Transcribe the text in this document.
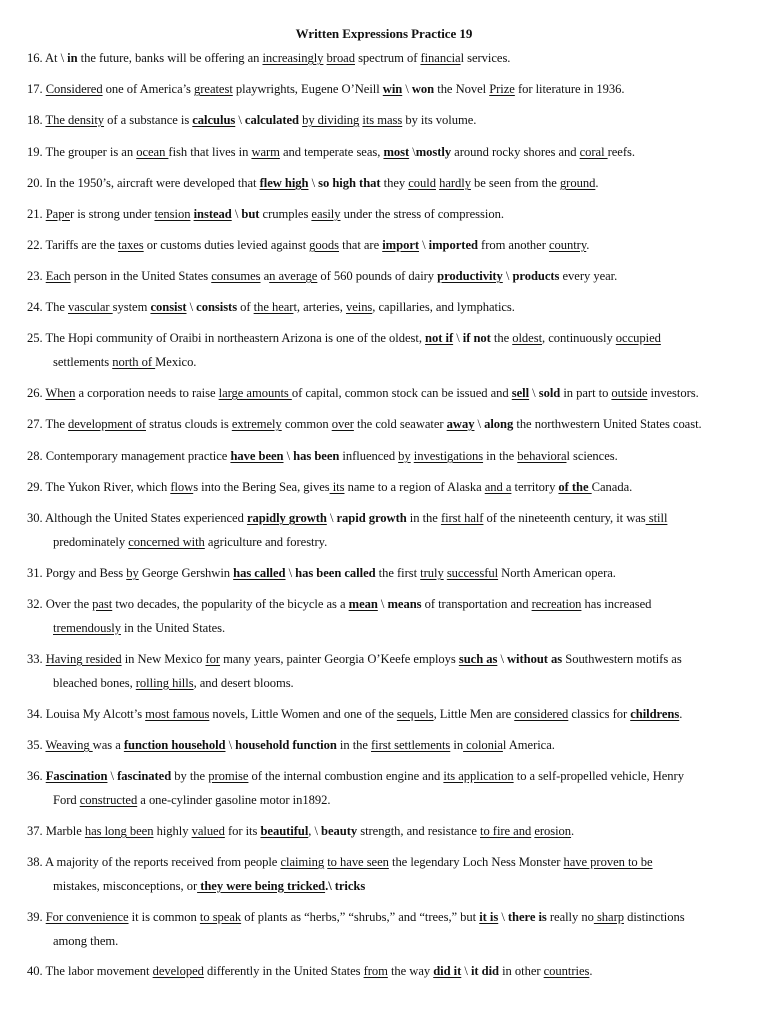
Written Expressions Practice 19
16. At \ in the future, banks will be offering an increasingly broad spectrum of financial services.
17. Considered one of America’s greatest playwrights, Eugene O’Neill win \ won the Novel Prize for literature in 1936.
18. The density of a substance is calculus \ calculated by dividing its mass by its volume.
19. The grouper is an ocean fish that lives in warm and temperate seas, most \mostly around rocky shores and coral reefs.
20. In the 1950’s, aircraft were developed that flew high \ so high that they could hardly be seen from the ground.
21. Paper is strong under tension instead \ but crumples easily under the stress of compression.
22. Tariffs are the taxes or customs duties levied against goods that are import \ imported from another country.
23. Each person in the United States consumes an average of 560 pounds of dairy productivity \ products every year.
24. The vascular system consist \ consists of the heart, arteries, veins, capillaries, and lymphatics.
25. The Hopi community of Oraibi in northeastern Arizona is one of the oldest, not if \ if not the oldest, continuously occupied
settlements north of Mexico.
26. When a corporation needs to raise large amounts of capital, common stock can be issued and sell \ sold in part to outside investors.
27. The development of stratus clouds is extremely common over the cold seawater away \ along the northwestern United States coast.
28. Contemporary management practice have been \ has been influenced by investigations in the behavioral sciences.
29. The Yukon River, which flows into the Bering Sea, gives its name to a region of Alaska and a territory of the Canada.
30. Although the United States experienced rapidly growth \ rapid growth in the first half of the nineteenth century, it was still
predominately concerned with agriculture and forestry.
31. Porgy and Bess by George Gershwin has called \ has been called the first truly successful North American opera.
32. Over the past two decades, the popularity of the bicycle as a mean \ means of transportation and recreation has increased
tremendously in the United States.
33. Having resided in New Mexico for many years, painter Georgia O’Keefe employs such as \ without as Southwestern motifs as
bleached bones, rolling hills, and desert blooms.
34. Louisa My Alcott’s most famous novels, Little Women and one of the sequels, Little Men are considered classics for childrens.
35. Weaving was a function household \ household function in the first settlements in colonial America.
36. Fascination \ fascinated by the promise of the internal combustion engine and its application to a self-propelled vehicle, Henry
Ford constructed a one-cylinder gasoline motor in1892.
37. Marble has long been highly valued for its beautiful, \ beauty strength, and resistance to fire and erosion.
38. A majority of the reports received from people claiming to have seen the legendary Loch Ness Monster have proven to be
mistakes, misconceptions, or they were being tricked.\ tricks
39. For convenience it is common to speak of plants as “herbs,” “shrubs,” and “trees,” but it is \ there is really no sharp distinctions
among them.
40. The labor movement developed differently in the United States from the way did it \ it did in other countries.
